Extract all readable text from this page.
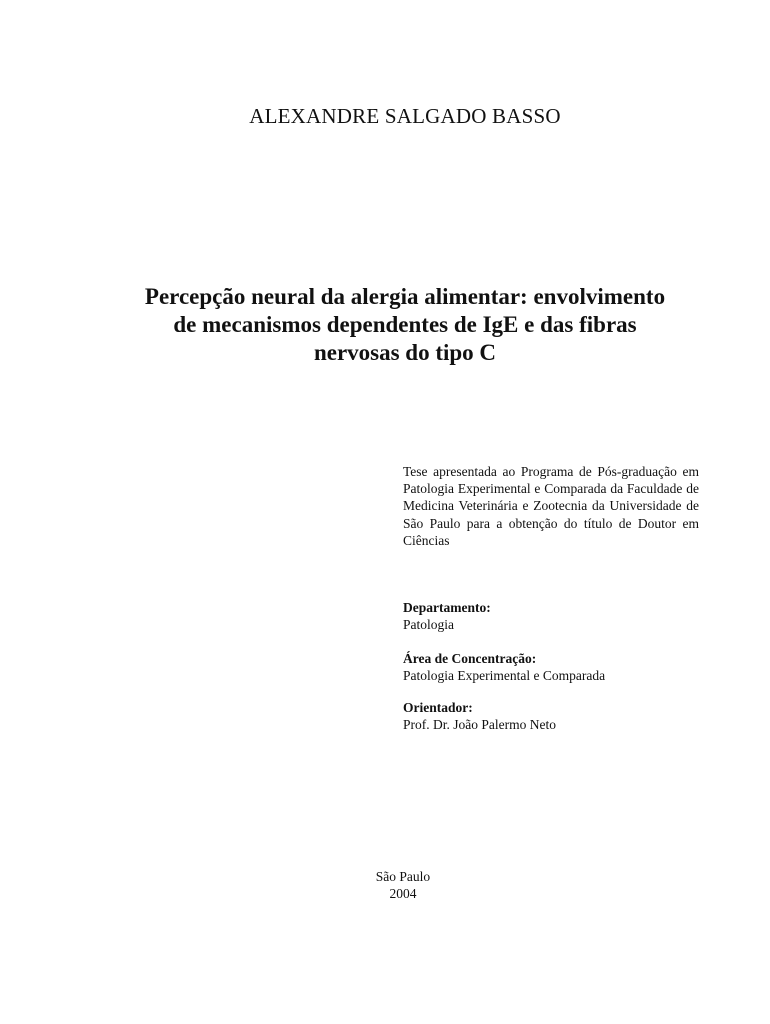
ALEXANDRE SALGADO BASSO
Percepção neural da alergia alimentar: envolvimento
de mecanismos dependentes de IgE e das fibras
nervosas do tipo C
Tese apresentada ao Programa de Pós-graduação em Patologia Experimental e Comparada da Faculdade de Medicina Veterinária e Zootecnia da Universidade de São Paulo para a obtenção do título de Doutor em Ciências
Departamento:
Patologia
Área de Concentração:
Patologia Experimental e Comparada
Orientador:
Prof. Dr. João Palermo Neto
São Paulo
2004
